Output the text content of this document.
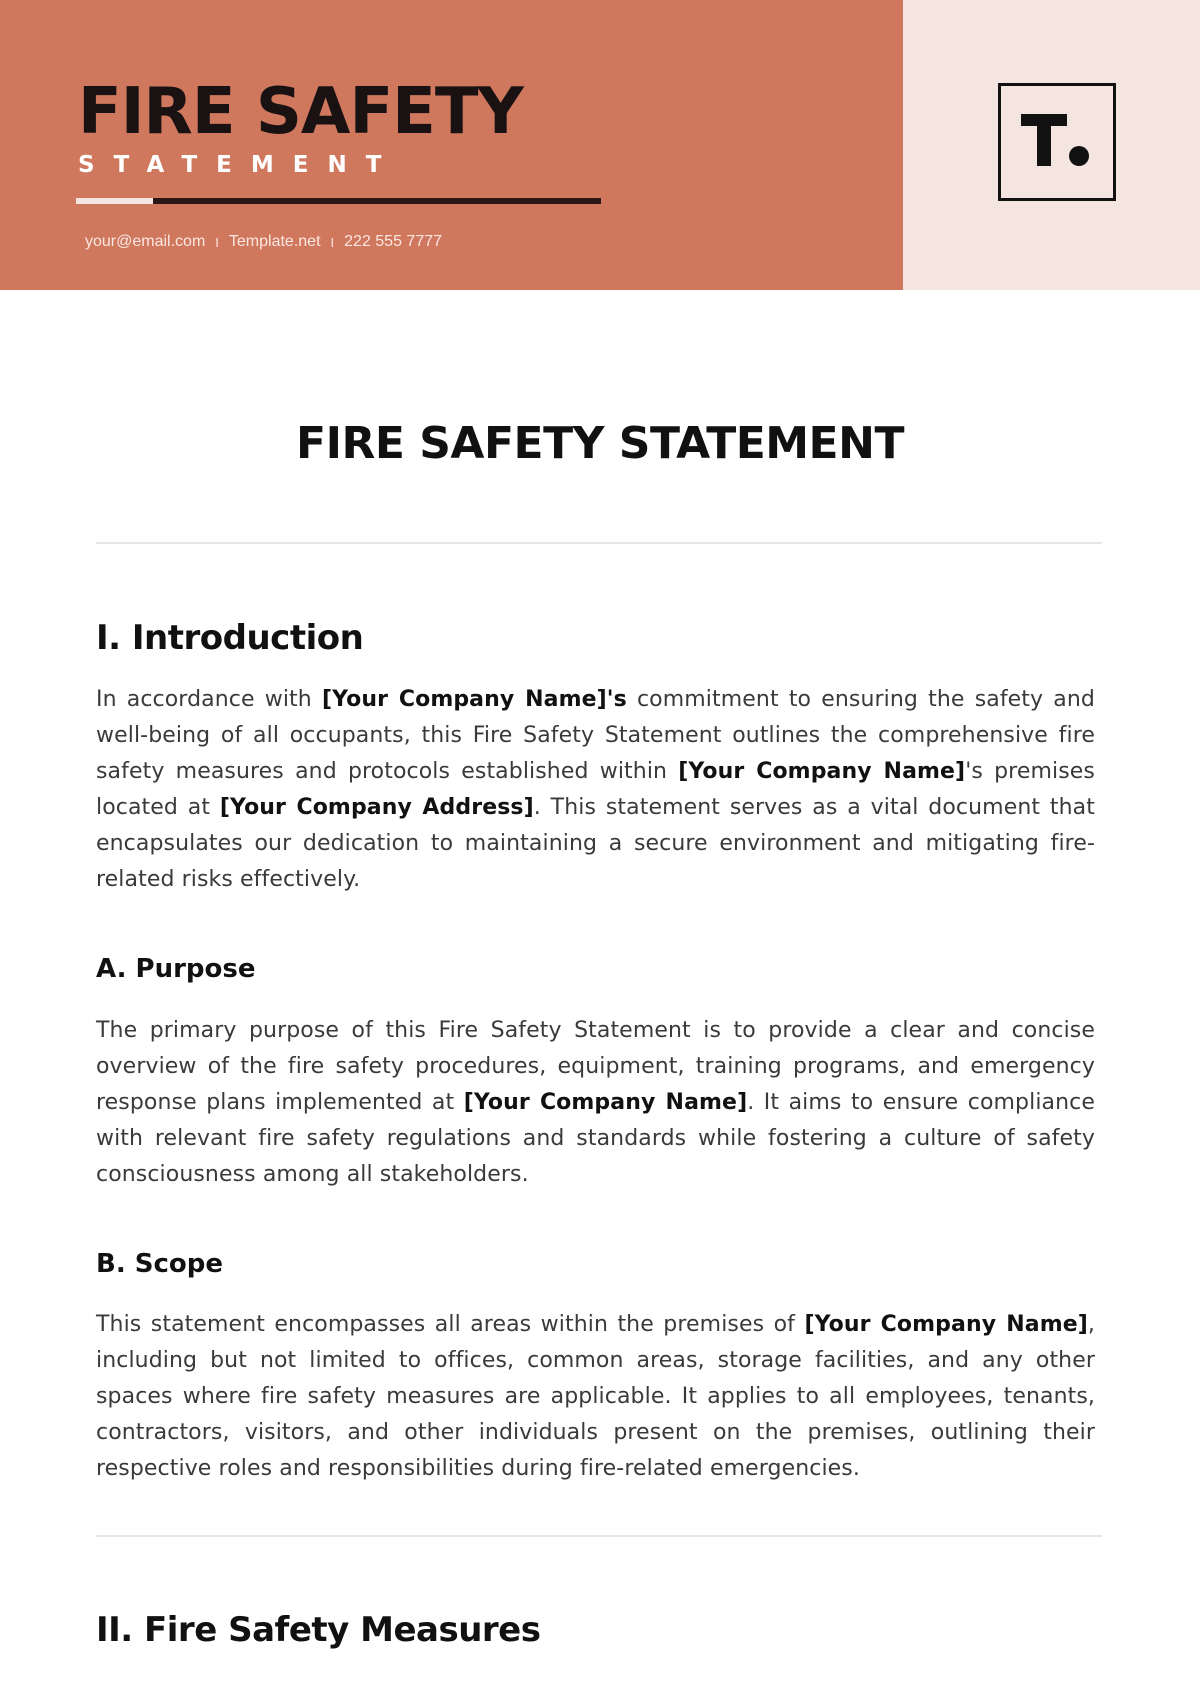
FIRE SAFETY
STATEMENT
your@email.com I Template.net I 222 555 7777
FIRE SAFETY STATEMENT
I. Introduction

In accordance with [Your Company Name]'s commitment to ensuring the safety and well-being of all occupants, this Fire Safety Statement outlines the comprehensive fire safety measures and protocols established within [Your Company Name]'s premises located at [Your Company Address]. This statement serves as a vital document that encapsulates our dedication to maintaining a secure environment and mitigating fire-related risks effectively.

A. Purpose

The primary purpose of this Fire Safety Statement is to provide a clear and concise overview of the fire safety procedures, equipment, training programs, and emergency response plans implemented at [Your Company Name]. It aims to ensure compliance with relevant fire safety regulations and standards while fostering a culture of safety consciousness among all stakeholders.

B. Scope

This statement encompasses all areas within the premises of [Your Company Name], including but not limited to offices, common areas, storage facilities, and any other spaces where fire safety measures are applicable. It applies to all employees, tenants, contractors, visitors, and other individuals present on the premises, outlining their respective roles and responsibilities during fire-related emergencies.

II. Fire Safety Measures
